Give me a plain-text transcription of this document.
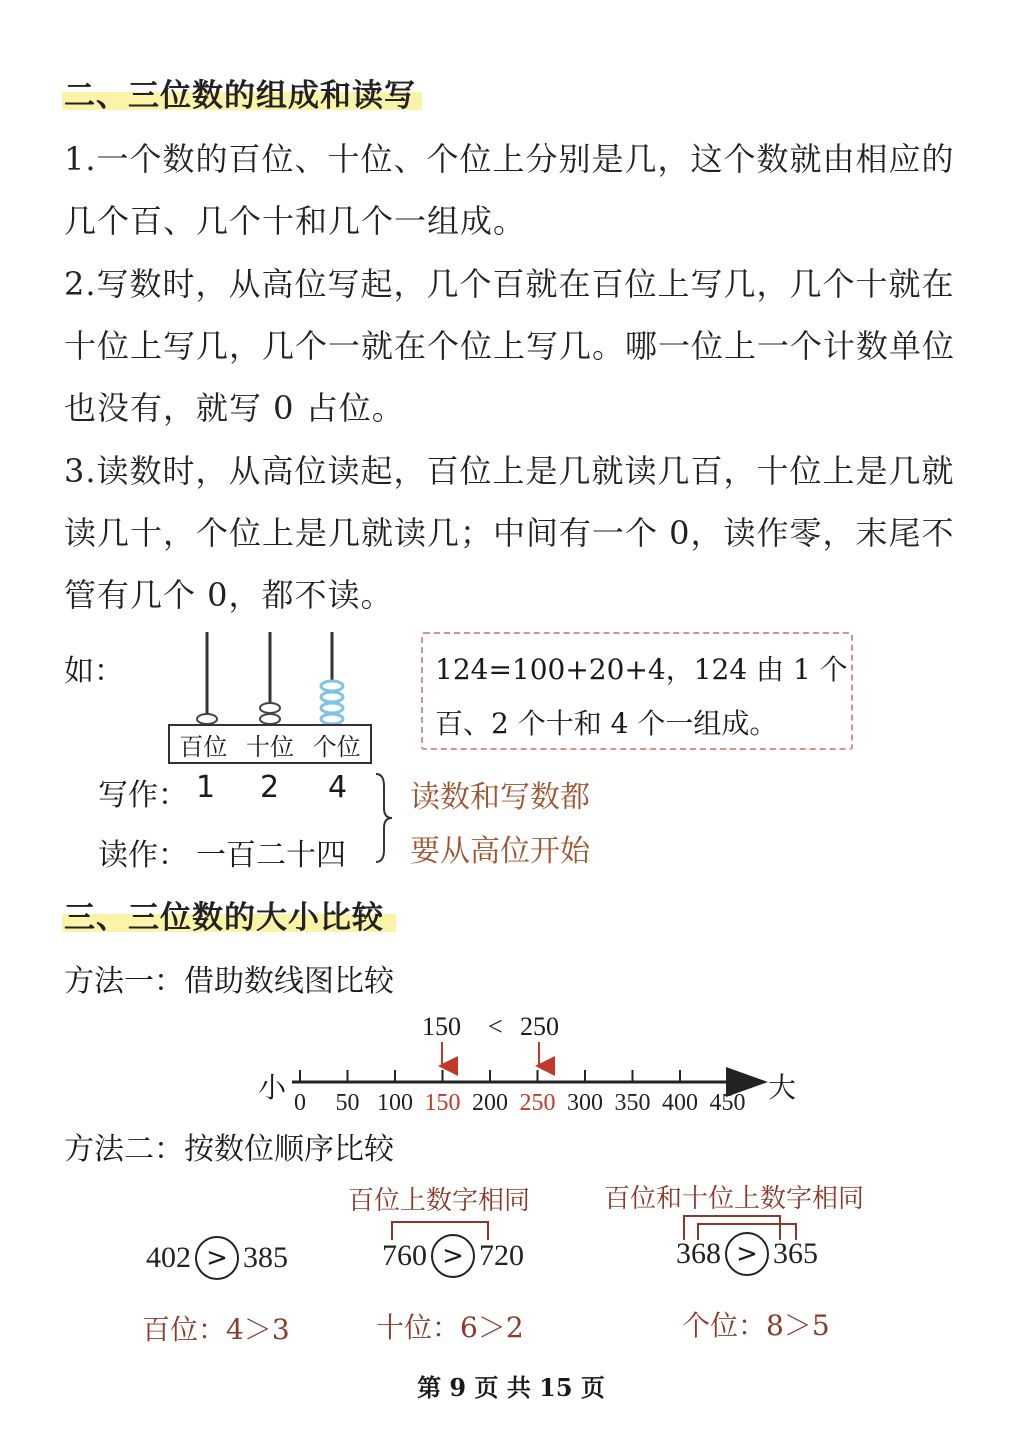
二、三位数的组成和读写
1.一个数的百位、十位、个位上分别是几，这个数就由相应的
几个百、几个十和几个一组成。
2.写数时，从高位写起，几个百就在百位上写几，几个十就在
十位上写几，几个一就在个位上写几。哪一位上一个计数单位
也没有，就写 0 占位。
3.读数时，从高位读起，百位上是几就读几百，十位上是几就
读几十，个位上是几就读几；中间有一个 0，读作零，末尾不
管有几个 0，都不读。
如：
百位 十位 个位
124=100+20+4，124 由 1 个
百、2 个十和 4 个一组成。
写作： 1 2 4
读作： 一百二十四
读数和写数都
要从高位开始
三、三位数的大小比较
方法一：借助数线图比较
150 < 250
0 50 100 150 200 250 300 350 400 450
小	大
方法二：按数位顺序比较
402 > 385
百位：4＞3
百位上数字相同
760 > 720
十位：6＞2
百位和十位上数字相同
368 > 365
个位：8＞5
第 9 页 共 15 页
